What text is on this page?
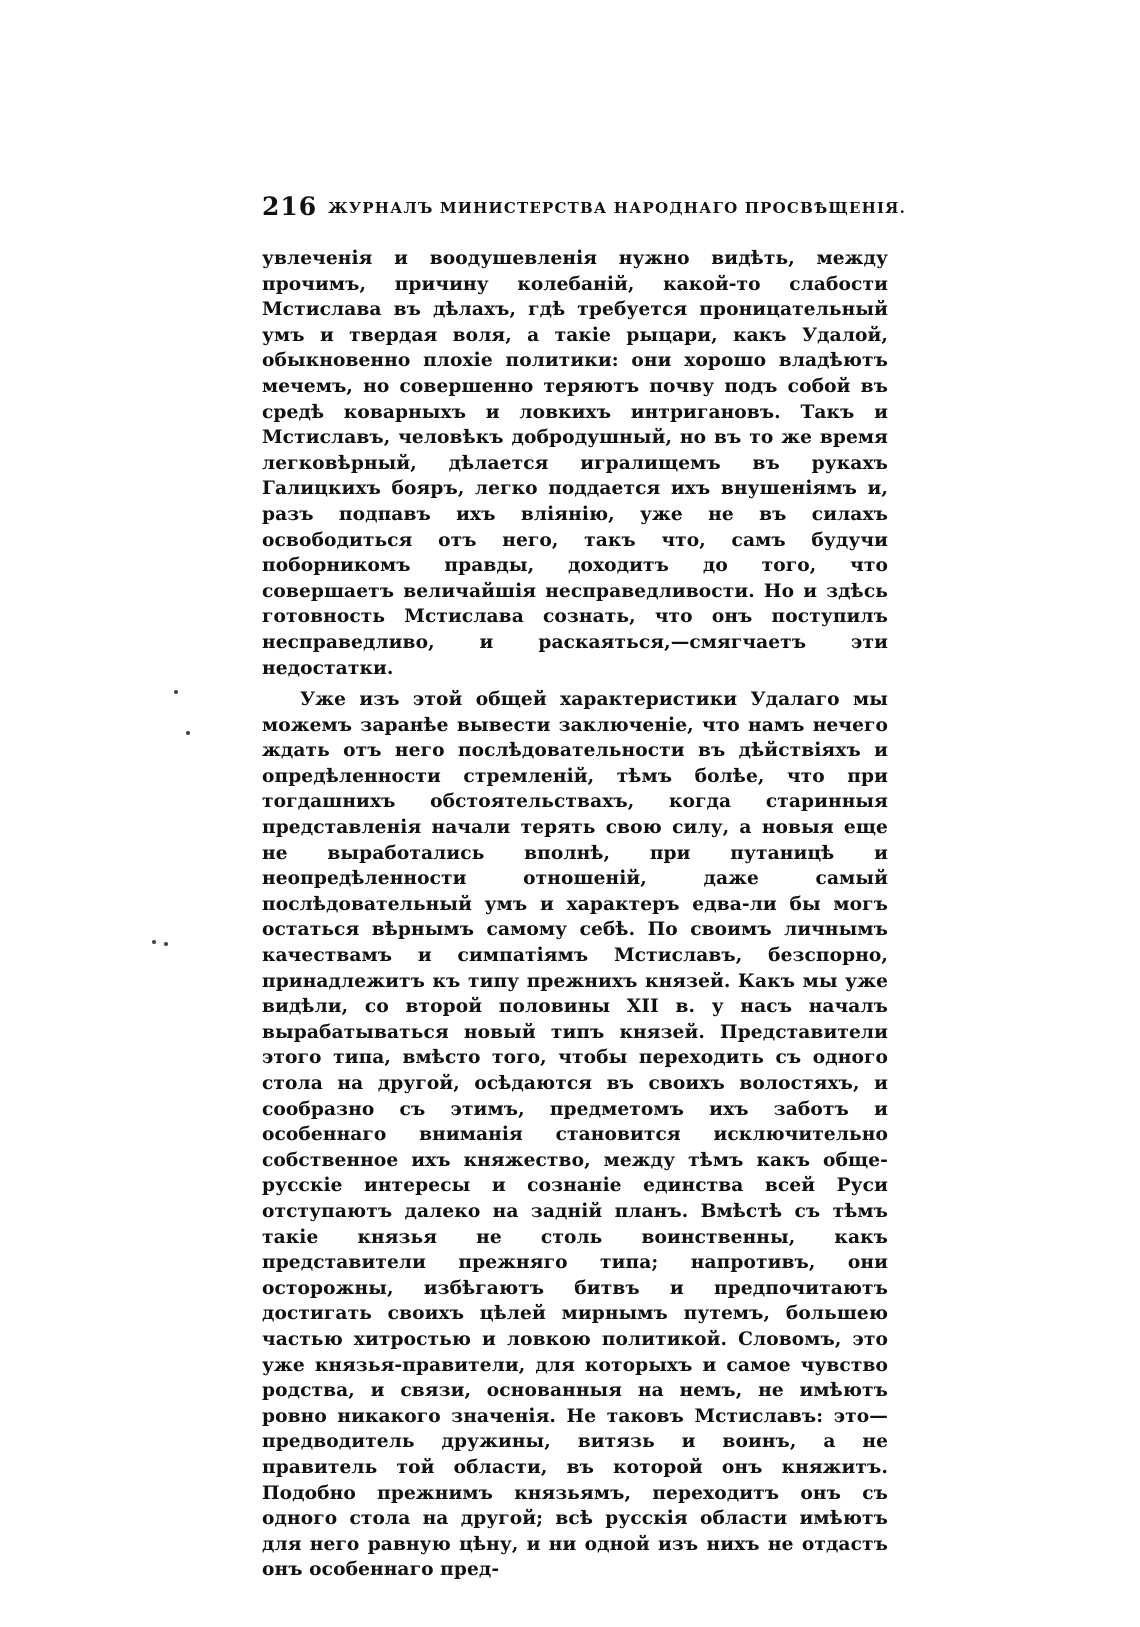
216 ЖУРНАЛЪ МИНИСТЕРСТВА НАРОДНАГО ПРОСВѢЩЕНІЯ.

увлеченія и воодушевленія нужно видѣть, между прочимъ, причину колебаній, какой-то слабости Мстислава въ дѣлахъ, гдѣ требуется проницательный умъ и твердая воля, а такіе рыцари, какъ Удалой, обыкновенно плохіе политики: они хорошо владѣютъ мечемъ, но совершенно теряютъ почву подъ собой въ средѣ коварныхъ и ловкихъ интригановъ. Такъ и Мстиславъ, человѣкъ добродушный, но въ то же время легковѣрный, дѣлается игралищемъ въ рукахъ Галицкихъ бояръ, легко поддается ихъ внушеніямъ и, разъ подпавъ ихъ вліянію, уже не въ силахъ освободиться отъ него, такъ что, самъ будучи поборникомъ правды, доходитъ до того, что совершаетъ величайшія несправедливости. Но и здѣсь готовность Мстислава сознать, что онъ поступилъ несправедливо, и раскаяться,—смягчаетъ эти недостатки.

Уже изъ этой общей характеристики Удалаго мы можемъ заранѣе вывести заключеніе, что намъ нечего ждать отъ него послѣдовательности въ дѣйствіяхъ и опредѣленности стремленій, тѣмъ болѣе, что при тогдашнихъ обстоятельствахъ, когда старинныя представленія начали терять свою силу, а новыя еще не выработались вполнѣ, при путаницѣ и неопредѣленности отношеній, даже самый послѣдовательный умъ и характеръ едва-ли бы могъ остаться вѣрнымъ самому себѣ. По своимъ личнымъ качествамъ и симпатіямъ Мстиславъ, безспорно, принадлежитъ къ типу прежнихъ князей. Какъ мы уже видѣли, со второй половины XII в. у насъ началъ вырабатываться новый типъ князей. Представители этого типа, вмѣсто того, чтобы переходить съ одного стола на другой, осѣдаются въ своихъ волостяхъ, и сообразно съ этимъ, предметомъ ихъ заботъ и особеннаго вниманія становится исключительно собственное ихъ княжество, между тѣмъ какъ обще-русскіе интересы и сознаніе единства всей Руси отступаютъ далеко на задній планъ. Вмѣстѣ съ тѣмъ такіе князья не столь воинственны, какъ представители прежняго типа; напротивъ, они осторожны, избѣгаютъ битвъ и предпочитаютъ достигать своихъ цѣлей мирнымъ путемъ, большею частью хитростью и ловкою политикой. Словомъ, это уже князья-правители, для которыхъ и самое чувство родства, и связи, основанныя на немъ, не имѣютъ ровно никакого значенія. Не таковъ Мстиславъ: это—предводитель дружины, витязь и воинъ, а не правитель той области, въ которой онъ княжитъ. Подобно прежнимъ князьямъ, переходитъ онъ съ одного стола на другой; всѣ русскія области имѣютъ для него равную цѣну, и ни одной изъ нихъ не отдастъ онъ особеннаго пред-
